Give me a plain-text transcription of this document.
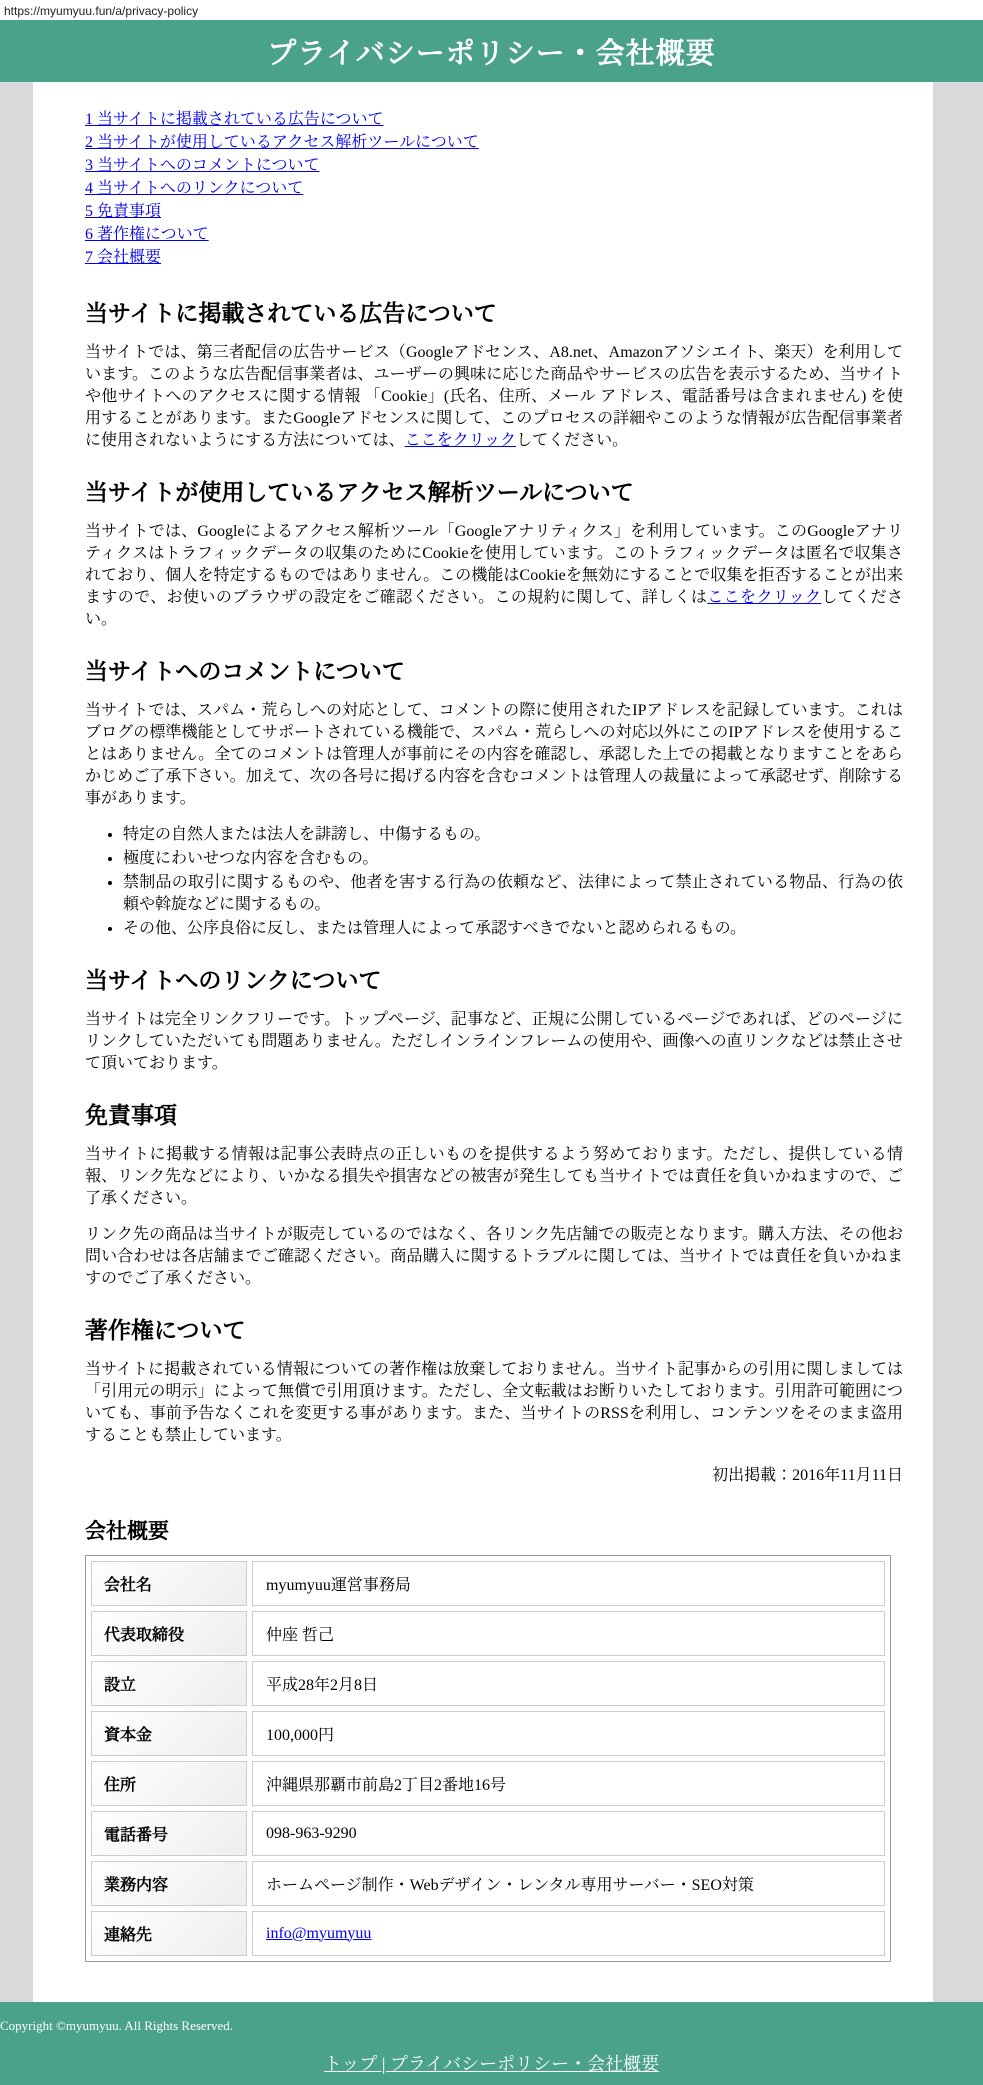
https://myumyuu.fun/a/privacy-policy
プライバシーポリシー・会社概要
1 当サイトに掲載されている広告について
2 当サイトが使用しているアクセス解析ツールについて
3 当サイトへのコメントについて
4 当サイトへのリンクについて
5 免責事項
6 著作権について
7 会社概要
当サイトに掲載されている広告について

当サイトでは、第三者配信の広告サービス（Googleアドセンス、A8.net、Amazonアソシエイト、楽天）を利用しています。このような広告配信事業者は、ユーザーの興味に応じた商品やサービスの広告を表示するため、当サイトや他サイトへのアクセスに関する情報 「Cookie」(氏名、住所、メール アドレス、電話番号は含まれません) を使用することがあります。またGoogleアドセンスに関して、このプロセスの詳細やこのような情報が広告配信事業者に使用されないようにする方法については、ここをクリックしてください。

当サイトが使用しているアクセス解析ツールについて

当サイトでは、Googleによるアクセス解析ツール「Googleアナリティクス」を利用しています。このGoogleアナリティクスはトラフィックデータの収集のためにCookieを使用しています。このトラフィックデータは匿名で収集されており、個人を特定するものではありません。この機能はCookieを無効にすることで収集を拒否することが出来ますので、お使いのブラウザの設定をご確認ください。この規約に関して、詳しくはここをクリックしてください。

当サイトへのコメントについて

当サイトでは、スパム・荒らしへの対応として、コメントの際に使用されたIPアドレスを記録しています。これはブログの標準機能としてサポートされている機能で、スパム・荒らしへの対応以外にこのIPアドレスを使用することはありません。全てのコメントは管理人が事前にその内容を確認し、承認した上での掲載となりますことをあらかじめご了承下さい。加えて、次の各号に掲げる内容を含むコメントは管理人の裁量によって承認せず、削除する事があります。

• 特定の自然人または法人を誹謗し、中傷するもの。
• 極度にわいせつな内容を含むもの。
• 禁制品の取引に関するものや、他者を害する行為の依頼など、法律によって禁止されている物品、行為の依頼や斡旋などに関するもの。
• その他、公序良俗に反し、または管理人によって承認すべきでないと認められるもの。
当サイトへのリンクについて

当サイトは完全リンクフリーです。トップページ、記事など、正規に公開しているページであれば、どのページにリンクしていただいても問題ありません。ただしインラインフレームの使用や、画像への直リンクなどは禁止させて頂いております。

免責事項

当サイトに掲載する情報は記事公表時点の正しいものを提供するよう努めております。ただし、提供している情報、リンク先などにより、いかなる損失や損害などの被害が発生しても当サイトでは責任を負いかねますので、ご了承ください。

リンク先の商品は当サイトが販売しているのではなく、各リンク先店舗での販売となります。購入方法、その他お問い合わせは各店舗までご確認ください。商品購入に関するトラブルに関しては、当サイトでは責任を負いかねますのでご了承ください。

著作権について

当サイトに掲載されている情報についての著作権は放棄しておりません。当サイト記事からの引用に関しましては「引用元の明示」によって無償で引用頂けます。ただし、全文転載はお断りいたしております。引用許可範囲についても、事前予告なくこれを変更する事があります。また、当サイトのRSSを利用し、コンテンツをそのまま盗用することも禁止しています。

初出掲載：2016年11月11日

会社概要
会社名	myumyuu運営事務局
代表取締役	仲座 哲己
設立	平成28年2月8日
資本金	100,000円
住所	沖縄県那覇市前島2丁目2番地16号
電話番号	098-963-9290
業務内容	ホームページ制作・Webデザイン・レンタル専用サーバー・SEO対策
連絡先	info@myumyuu

Copyright ©myumyuu. All Rights Reserved.

トップ | プライバシーポリシー・会社概要
